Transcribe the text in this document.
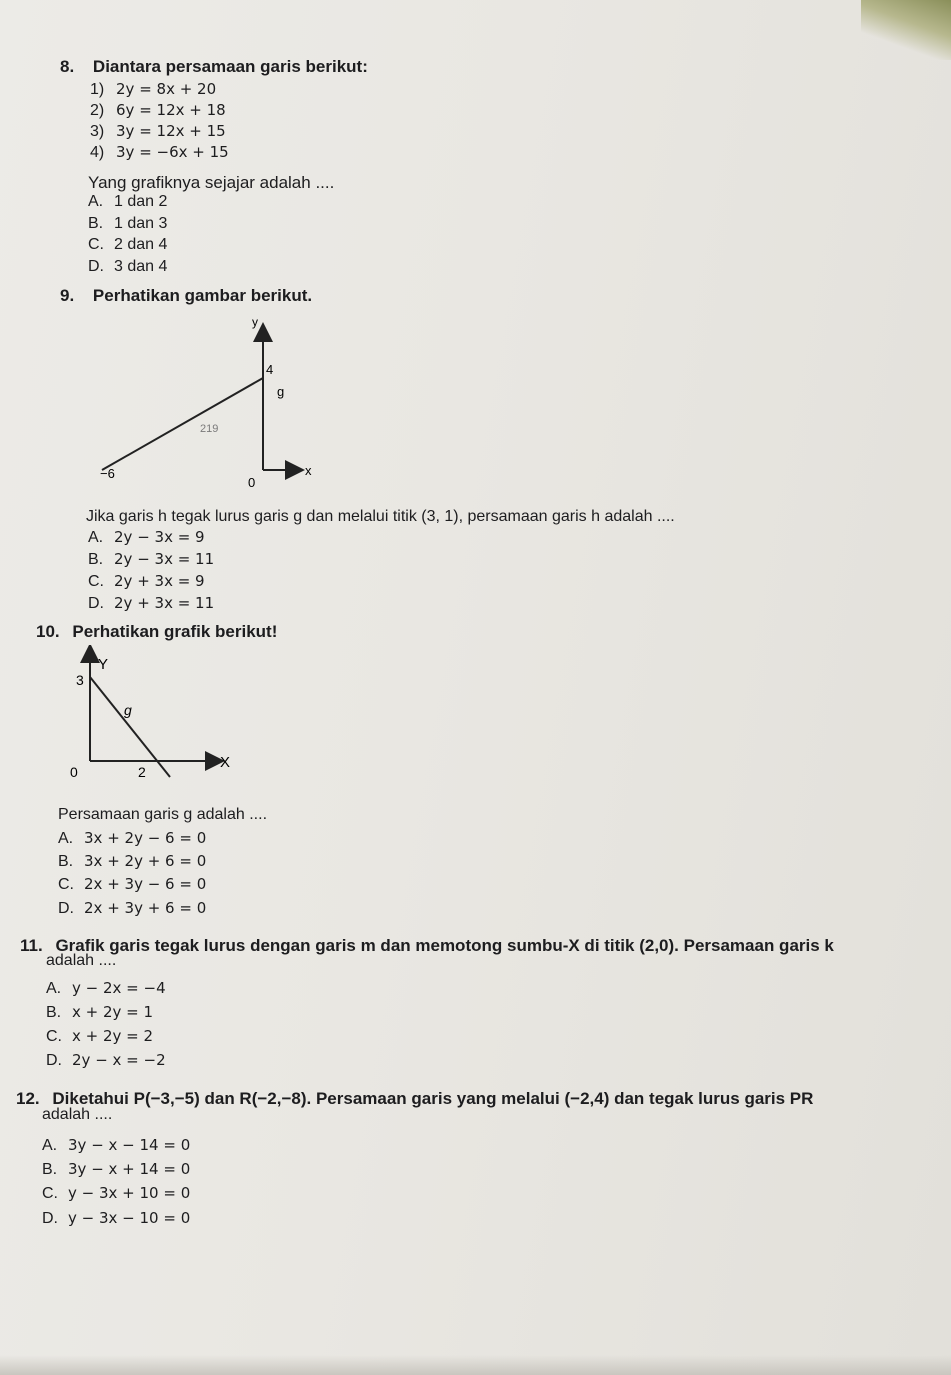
8. Diantara persamaan garis berikut:
1) 2y = 8x + 20
2) 6y = 12x + 18
3) 3y = 12x + 15
4) 3y = −6x + 15
Yang grafiknya sejajar adalah ....
A. 1 dan 2
B. 1 dan 3
C. 2 dan 4
D. 3 dan 4
9. Perhatikan gambar berikut.
y
x
4
−6
0
g
219
Jika garis h tegak lurus garis g dan melalui titik (3, 1), persamaan garis h adalah ....
A. 2y − 3x = 9
B. 2y − 3x = 11
C. 2y + 3x = 9
D. 2y + 3x = 11
10. Perhatikan grafik berikut!
Y
X
3
2
0
g
Persamaan garis g adalah ....
A. 3x + 2y − 6 = 0
B. 3x + 2y + 6 = 0
C. 2x + 3y − 6 = 0
D. 2x + 3y + 6 = 0
11. Grafik garis tegak lurus dengan garis m dan memotong sumbu-X di titik (2,0). Persamaan garis k
adalah ....
A. y − 2x = −4
B. x + 2y = 1
C. x + 2y = 2
D. 2y − x = −2
12. Diketahui P(−3,−5) dan R(−2,−8). Persamaan garis yang melalui (−2,4) dan tegak lurus garis PR
adalah ....
A. 3y − x − 14 = 0
B. 3y − x + 14 = 0
C. y − 3x + 10 = 0
D. y − 3x − 10 = 0
